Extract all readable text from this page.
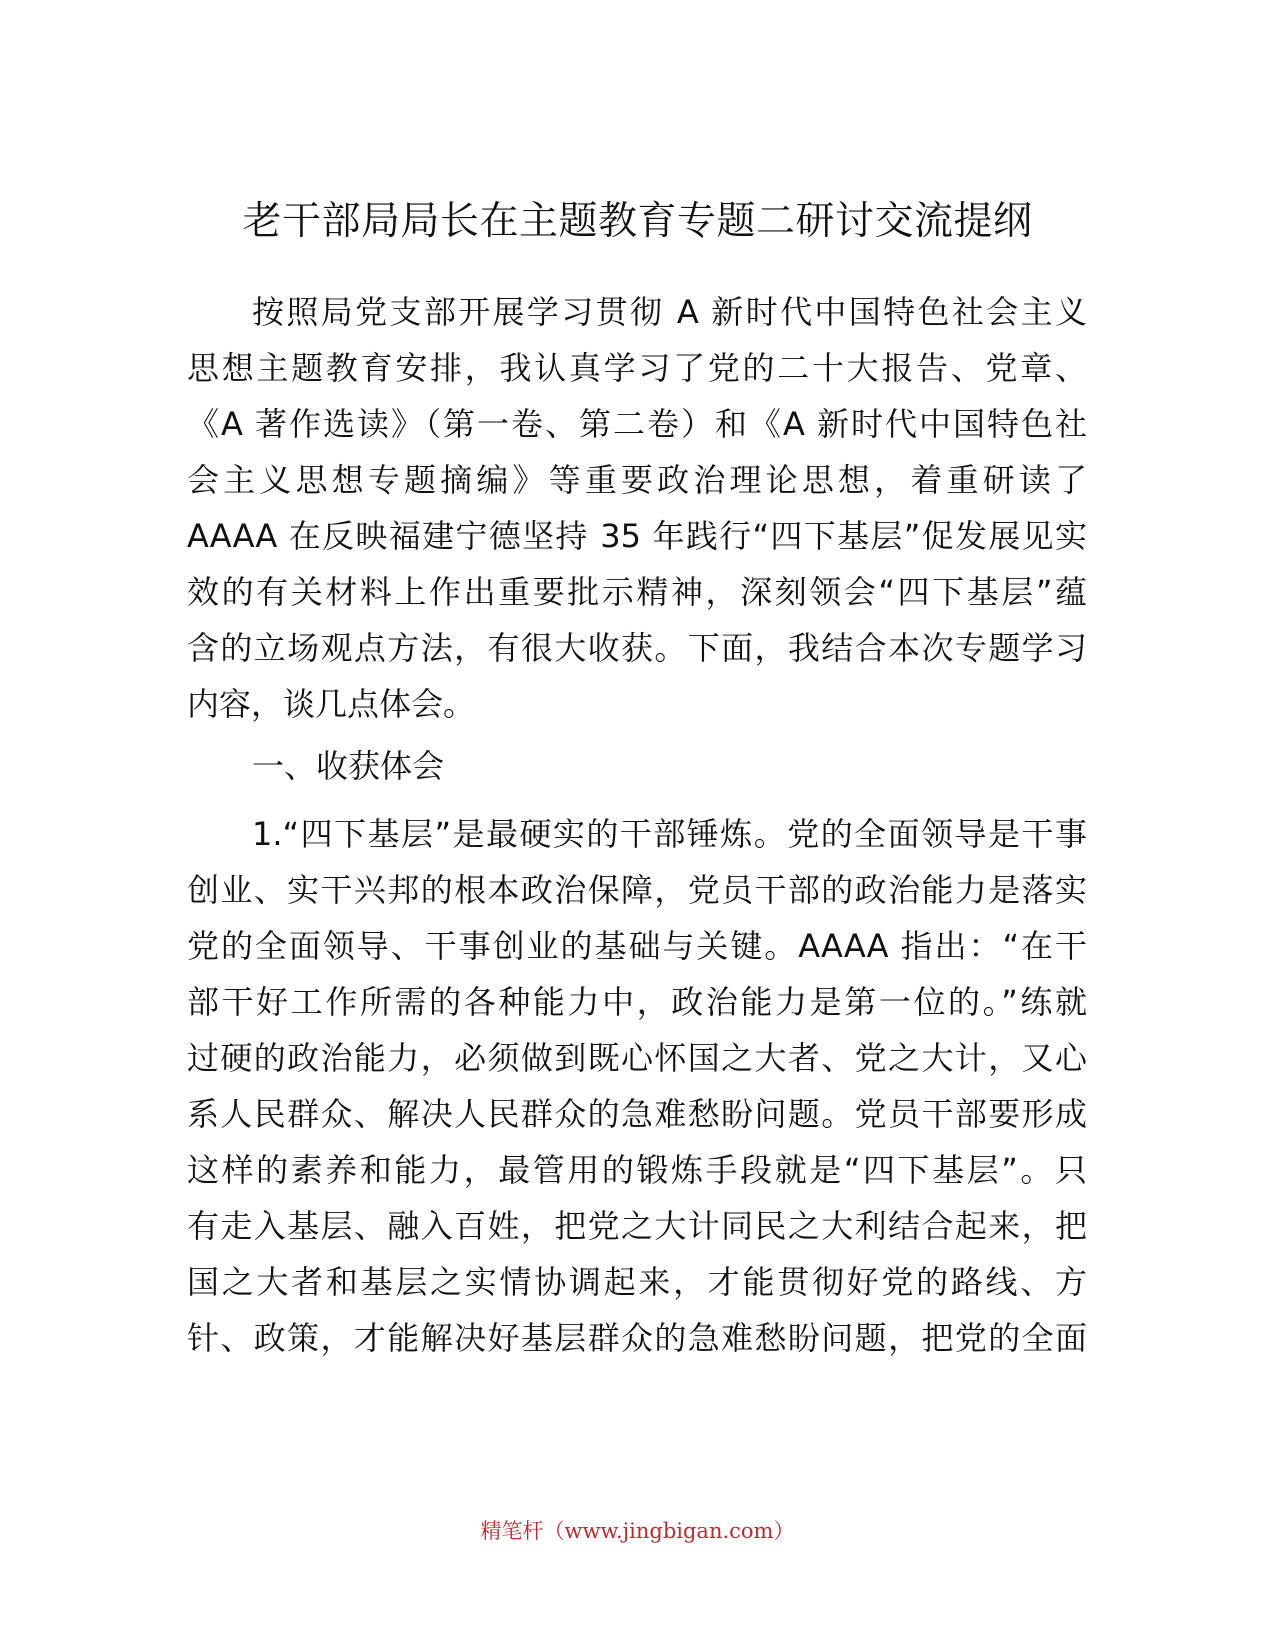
老干部局局长在主题教育专题二研讨交流提纲
按照局党支部开展学习贯彻 A 新时代中国特色社会主义
思想主题教育安排，我认真学习了党的二十大报告、党章、
《A 著作选读》（第一卷、第二卷）和《A 新时代中国特色社
会主义思想专题摘编》等重要政治理论思想，着重研读了
AAAA 在反映福建宁德坚持 35 年践行“四下基层”促发展见实
效的有关材料上作出重要批示精神，深刻领会“四下基层”蕴
含的立场观点方法，有很大收获。下面，我结合本次专题学习
内容，谈几点体会。
一、收获体会
1.“四下基层”是最硬实的干部锤炼。党的全面领导是干事
创业、实干兴邦的根本政治保障，党员干部的政治能力是落实
党的全面领导、干事创业的基础与关键。AAAA 指出：“在干
部干好工作所需的各种能力中，政治能力是第一位的。”练就
过硬的政治能力，必须做到既心怀国之大者、党之大计，又心
系人民群众、解决人民群众的急难愁盼问题。党员干部要形成
这样的素养和能力，最管用的锻炼手段就是“四下基层”。只
有走入基层、融入百姓，把党之大计同民之大利结合起来，把
国之大者和基层之实情协调起来，才能贯彻好党的路线、方
针、政策，才能解决好基层群众的急难愁盼问题，把党的全面
精笔杆（www.jingbigan.com）
